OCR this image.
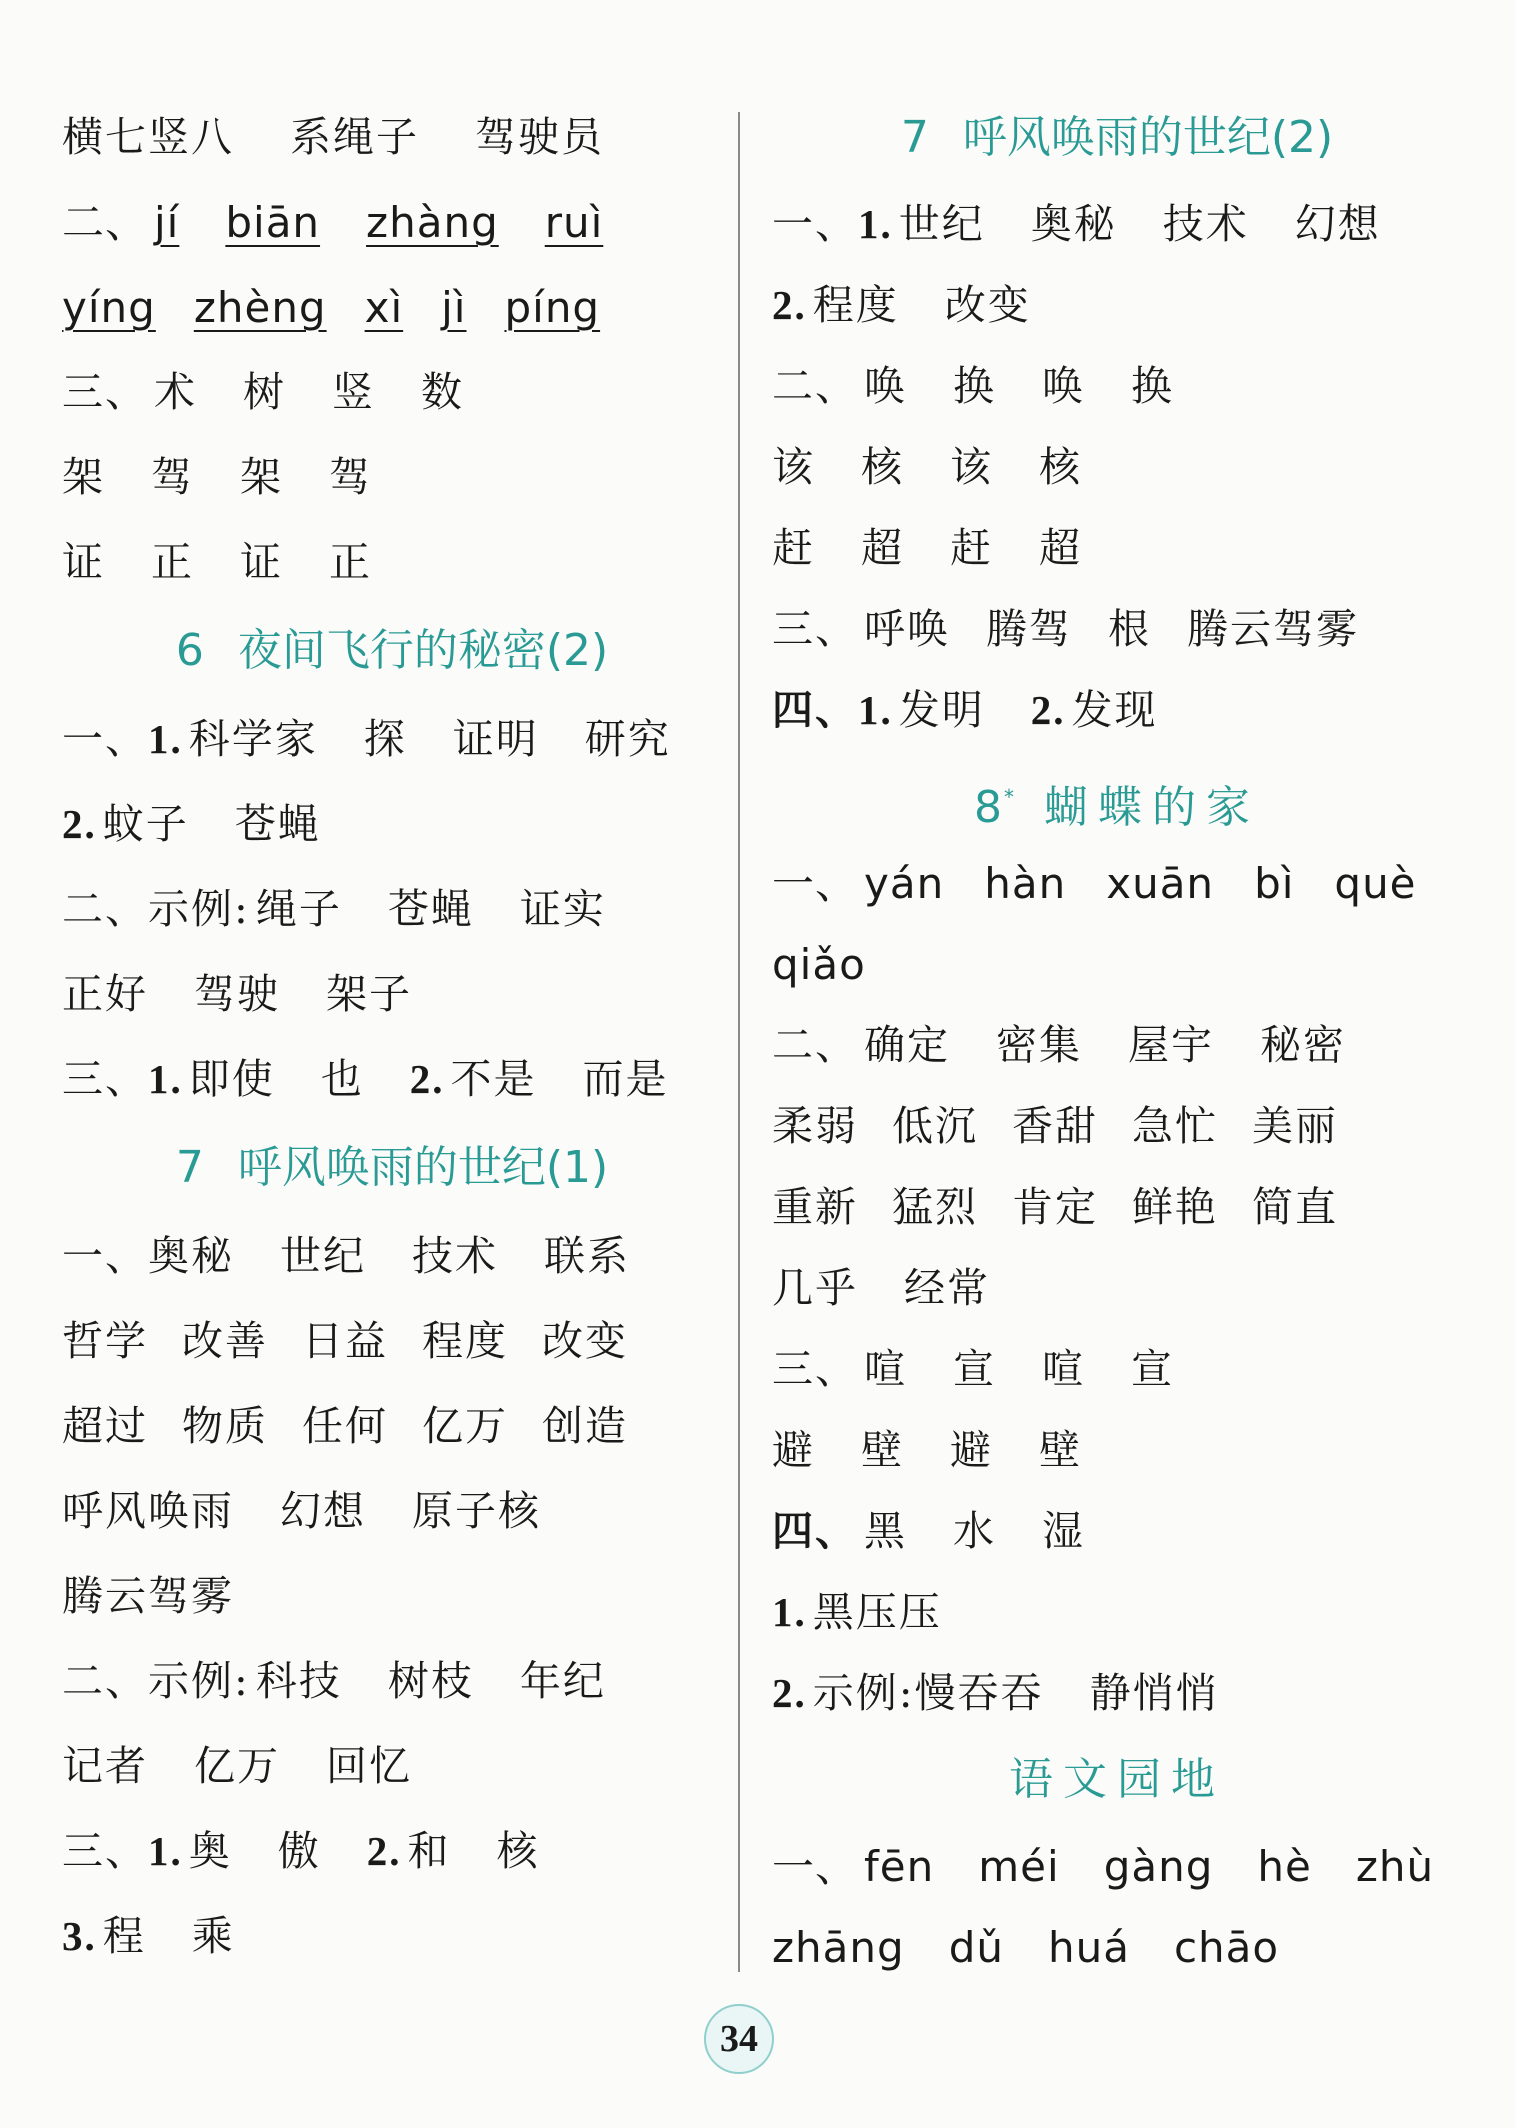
横七竖八 系绳子 驾驶员
二、 jí biān zhàng ruì
yíng zhèng xì jì píng
三、 术 树 竖 数
架 驾 架 驾
证 正 证 正
6 夜间飞行的秘密(2)
一、1. 科学家 探 证明 研究
2. 蚊子 苍蝇
二、示例: 绳子 苍蝇 证实
正好 驾驶 架子
三、1. 即使 也 2. 不是 而是
7 呼风唤雨的世纪(1)
一、奥秘 世纪 技术 联系
哲学 改善 日益 程度 改变
超过 物质 任何 亿万 创造
呼风唤雨 幻想 原子核
腾云驾雾
二、示例: 科技 树枝 年纪
记者 亿万 回忆
三、1. 奥 傲 2. 和 核
3. 程 乘
7 呼风唤雨的世纪(2)
一、1. 世纪 奥秘 技术 幻想
2. 程度 改变
二、 唤 换 唤 换
该 核 该 核
赶 超 赶 超
三、 呼唤 腾驾 根 腾云驾雾
四、1. 发明 2. 发现
8 * 蝴蝶的家
一、 yán hàn xuān bì què
qiǎo
二、 确定 密集 屋宇 秘密
柔弱 低沉 香甜 急忙 美丽
重新 猛烈 肯定 鲜艳 简直
几乎 经常
三、 喧 宣 喧 宣
避 壁 避 壁
四、 黑 水 湿
1. 黑压压
2. 示例:慢吞吞 静悄悄
语文园地
一、 fēn méi gàng hè zhù
zhāng dǔ huá chāo
34
